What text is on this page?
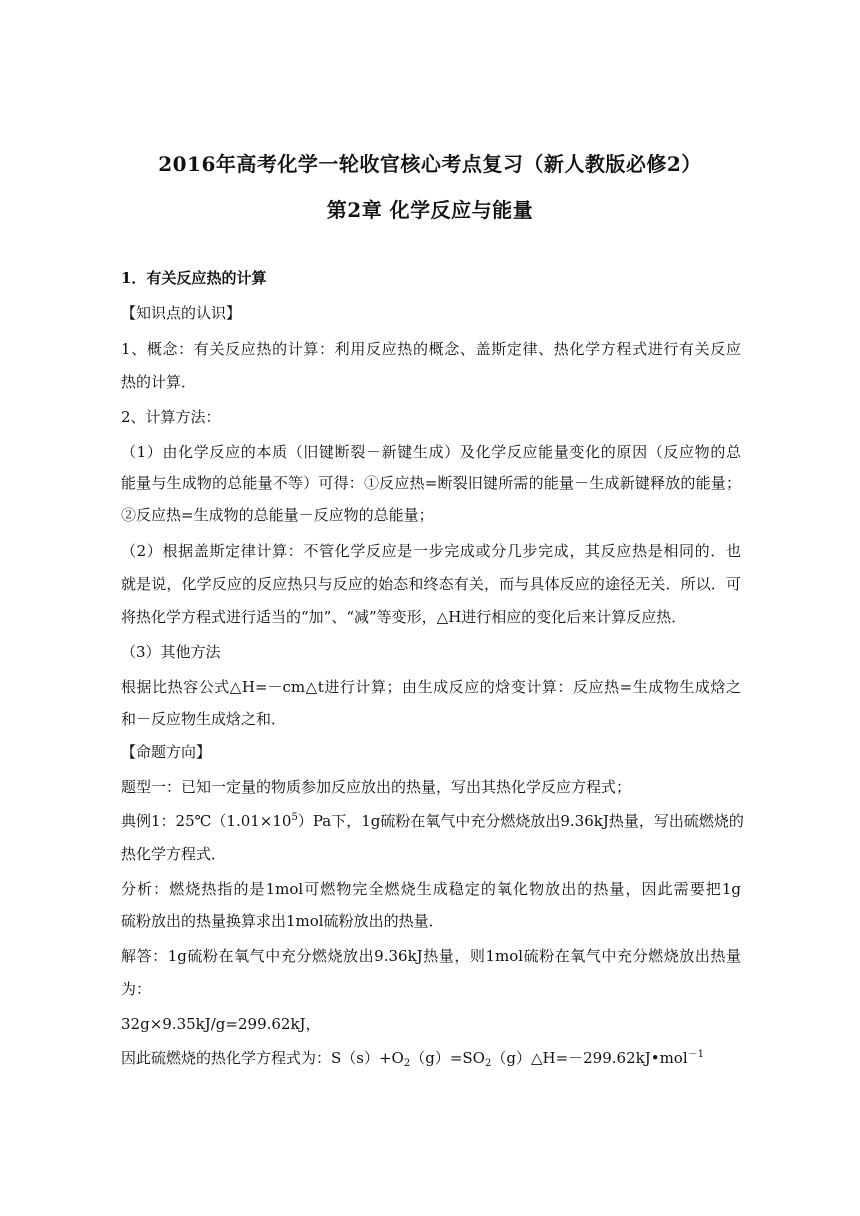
2016年高考化学一轮收官核心考点复习（新人教版必修2）
第2章 化学反应与能量
1．有关反应热的计算
【知识点的认识】
1、概念：有关反应热的计算：利用反应热的概念、盖斯定律、热化学方程式进行有关反应
热的计算．
2、计算方法：
（1）由化学反应的本质（旧键断裂－新键生成）及化学反应能量变化的原因（反应物的总
能量与生成物的总能量不等）可得：①反应热=断裂旧键所需的能量－生成新键释放的能量；
②反应热=生成物的总能量－反应物的总能量；
（2）根据盖斯定律计算：不管化学反应是一步完成或分几步完成，其反应热是相同的．也
就是说，化学反应的反应热只与反应的始态和终态有关，而与具体反应的途径无关．所以．可
将热化学方程式进行适当的“加”、“减”等变形，△H进行相应的变化后来计算反应热．
（3）其他方法
根据比热容公式△H=－cm△t进行计算；由生成反应的焓变计算：反应热=生成物生成焓之
和－反应物生成焓之和．
【命题方向】
题型一：已知一定量的物质参加反应放出的热量，写出其热化学反应方程式；
典例1：$25℃(1.01\times 10^5)Pa$下，1g硫粉在氧气中充分燃烧放出9.36kJ热量，写出硫燃烧的
热化学方程式．
分析：燃烧热指的是1mol可燃物完全燃烧生成稳定的氧化物放出的热量，因此需要把1g
硫粉放出的热量换算求出1mol硫粉放出的热量．
解答：1g硫粉在氧气中充分燃烧放出9.36kJ热量，则1mol硫粉在氧气中充分燃烧放出热量
为：
32g×9.35kJ/g=299.62kJ，
因此硫燃烧的热化学方程式为：$S(s)+O_2(g)=SO_2(g)\triangle H=-299.62kJ•mol^{-1}$
